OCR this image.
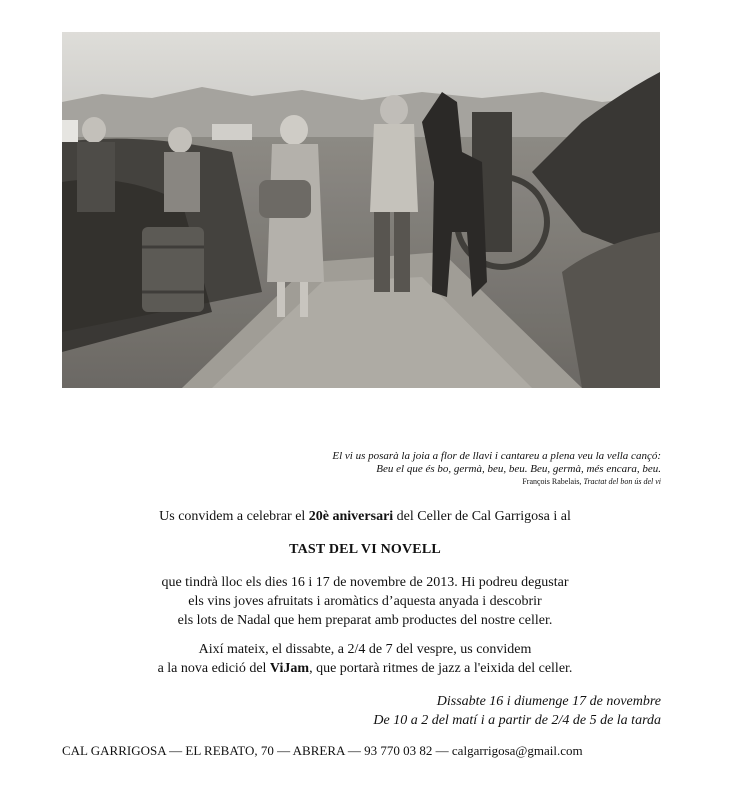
El vi us posarà la joia a flor de llavi i cantareu a plena veu la vella cançó:
Beu el que és bo, germà, beu, beu. Beu, germà, més encara, beu.
François Rabelais, Tractat del bon ús del vi
Us convidem a celebrar el 20è aniversari del Celler de Cal Garrigosa i al
TAST DEL VI NOVELL
que tindrà lloc els dies 16 i 17 de novembre de 2013. Hi podreu degustar
els vins joves afruitats i aromàtics d’aquesta anyada i descobrir
els lots de Nadal que hem preparat amb productes del nostre celler.
Així mateix, el dissabte, a 2/4 de 7 del vespre, us convidem
a la nova edició del ViJam, que portarà ritmes de jazz a l'eixida del celler.
Dissabte 16 i diumenge 17 de novembre
De 10 a 2 del matí i a partir de 2/4 de 5 de la tarda
CAL GARRIGOSA — EL REBATO, 70 — ABRERA — 93 770 03 82 — calgarrigosa@gmail.com
